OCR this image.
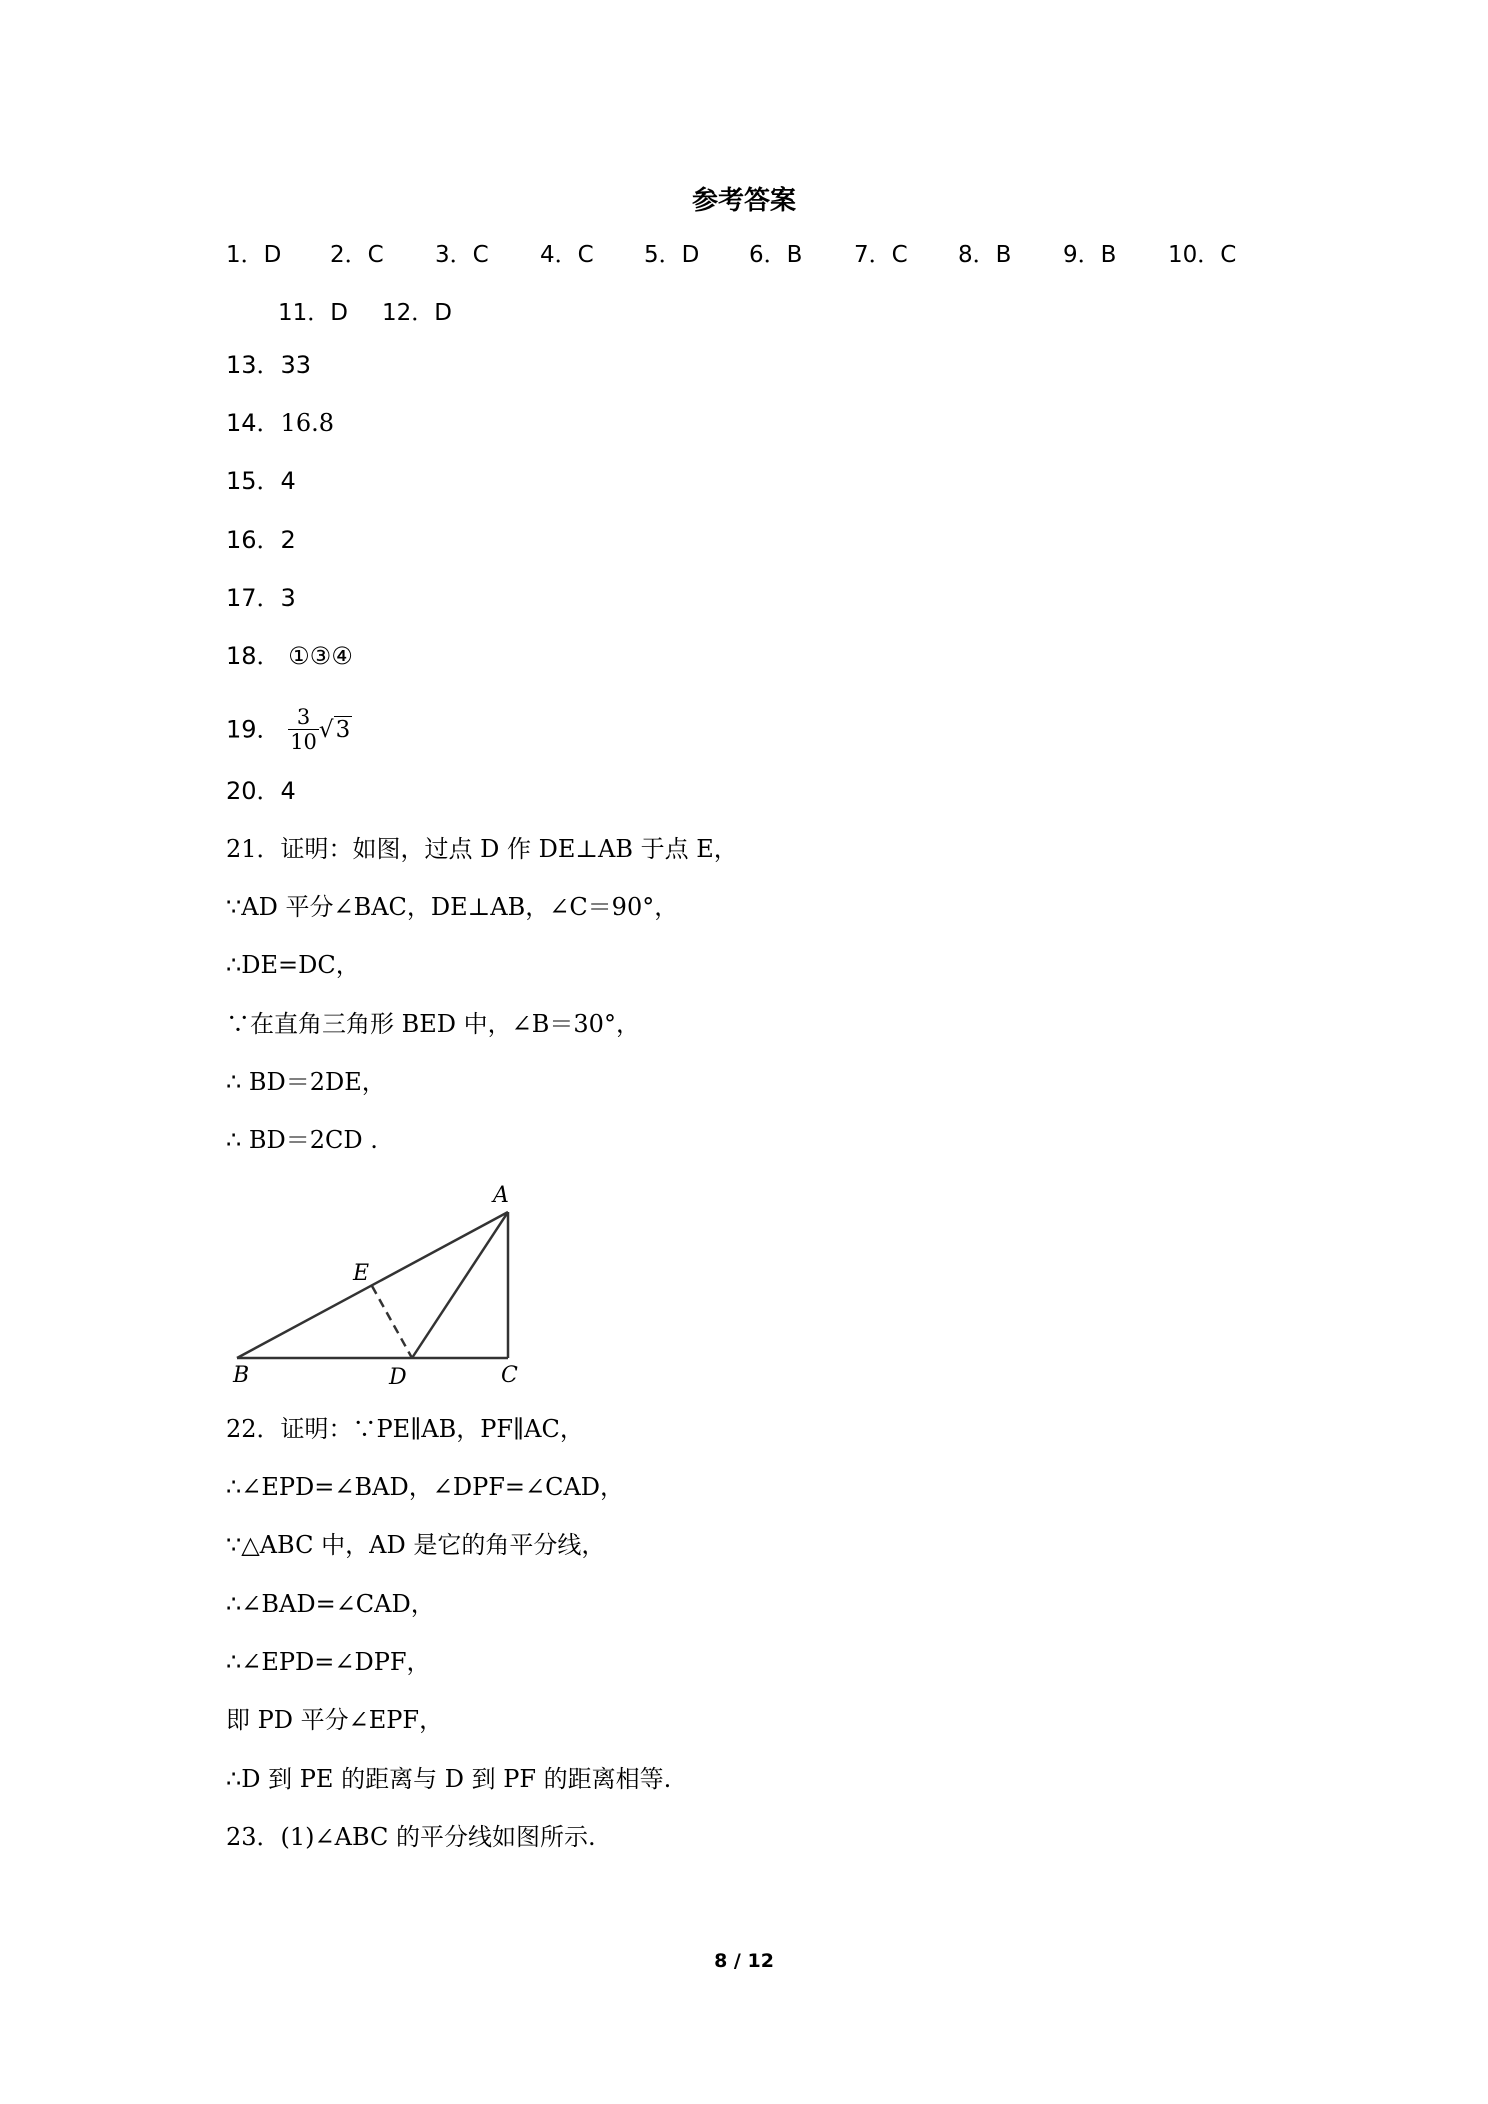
参考答案
1．D 2．C 3．C 4．C 5．D 6．B 7．C 8．B 9．B 10．C
11．D 12．D
13．33
14．16.8
15．4
16．2
17．3
18． ①③④
19． $\frac{3}{10} √3$
20．4
21．证明：如图，过点 D 作 DE⊥AB 于点 E，
∵AD 平分∠BAC，DE⊥AB，∠C＝90°，
∴DE=DC，
∵在直角三角形 BED 中，∠B＝30°，
∴ BD＝2DE，
∴ BD＝2CD .
A
B	C
D
E
22．证明：∵PE∥AB，PF∥AC，
∴∠EPD=∠BAD，∠DPF=∠CAD，
∵△ABC 中，AD 是它的角平分线，
∴∠BAD=∠CAD，
∴∠EPD=∠DPF，
即 PD 平分∠EPF，
∴D 到 PE 的距离与 D 到 PF 的距离相等.
23．(1)∠ABC 的平分线如图所示.
8 / 12
